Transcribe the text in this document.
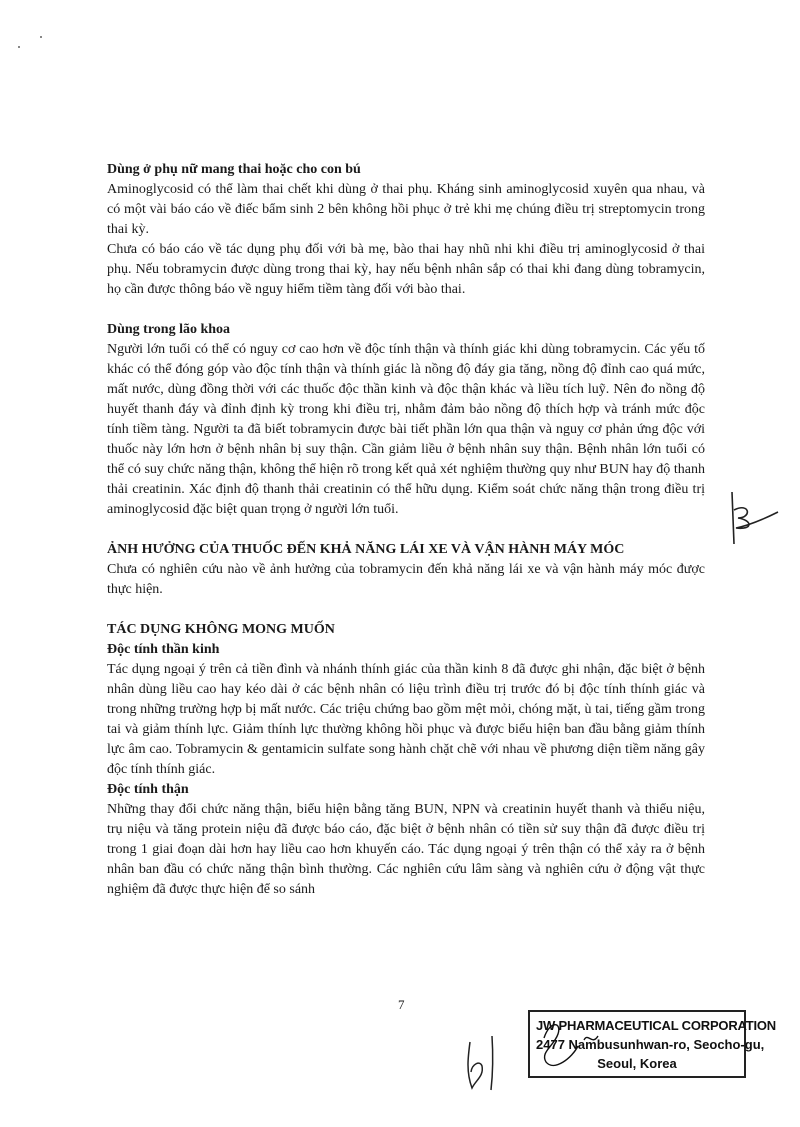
Dùng ở phụ nữ mang thai hoặc cho con bú

Aminoglycosid có thể làm thai chết khi dùng ở thai phụ. Kháng sinh aminoglycosid xuyên qua nhau, và có một vài báo cáo về điếc bẩm sinh 2 bên không hồi phục ở trẻ khi mẹ chúng điều trị streptomycin trong thai kỳ.

Chưa có báo cáo về tác dụng phụ đối với bà mẹ, bào thai hay nhũ nhi khi điều trị aminoglycosid ở thai phụ. Nếu tobramycin được dùng trong thai kỳ, hay nếu bệnh nhân sắp có thai khi đang dùng tobramycin, họ cần được thông báo về nguy hiểm tiềm tàng đối với bào thai.

Dùng trong lão khoa

Người lớn tuổi có thể có nguy cơ cao hơn về độc tính thận và thính giác khi dùng tobramycin. Các yếu tố khác có thể đóng góp vào độc tính thận và thính giác là nồng độ đáy gia tăng, nồng độ đỉnh cao quá mức, mất nước, dùng đồng thời với các thuốc độc thần kinh và độc thận khác và liều tích luỹ. Nên đo nồng độ huyết thanh đáy và đỉnh định kỳ trong khi điều trị, nhằm đảm bảo nồng độ thích hợp và tránh mức độc tính tiềm tàng. Người ta đã biết tobramycin được bài tiết phần lớn qua thận và nguy cơ phản ứng độc với thuốc này lớn hơn ở bệnh nhân bị suy thận. Cần giảm liều ở bệnh nhân suy thận. Bệnh nhân lớn tuổi có thể có suy chức năng thận, không thể hiện rõ trong kết quả xét nghiệm thường quy như BUN hay độ thanh thải creatinin. Xác định độ thanh thải creatinin có thể hữu dụng. Kiểm soát chức năng thận trong điều trị aminoglycosid đặc biệt quan trọng ở người lớn tuổi.

ẢNH HƯỞNG CỦA THUỐC ĐẾN KHẢ NĂNG LÁI XE VÀ VẬN HÀNH MÁY MÓC

Chưa có nghiên cứu nào về ảnh hưởng của tobramycin đến khả năng lái xe và vận hành máy móc được thực hiện.

TÁC DỤNG KHÔNG MONG MUỐN

Độc tính thần kinh

Tác dụng ngoại ý trên cả tiền đình và nhánh thính giác của thần kinh 8 đã được ghi nhận, đặc biệt ở bệnh nhân dùng liều cao hay kéo dài ở các bệnh nhân có liệu trình điều trị trước đó bị độc tính thính giác và trong những trường hợp bị mất nước. Các triệu chứng bao gồm mệt mỏi, chóng mặt, ù tai, tiếng gầm trong tai và giảm thính lực. Giảm thính lực thường không hồi phục và được biểu hiện ban đầu bằng giảm thính lực âm cao. Tobramycin & gentamicin sulfate song hành chặt chẽ với nhau về phương diện tiềm năng gây độc tính thính giác.

Độc tính thận

Những thay đổi chức năng thận, biểu hiện bằng tăng BUN, NPN và creatinin huyết thanh và thiểu niệu, trụ niệu và tăng protein niệu đã được báo cáo, đặc biệt ở bệnh nhân có tiền sử suy thận đã được điều trị trong 1 giai đoạn dài hơn hay liều cao hơn khuyến cáo. Tác dụng ngoại ý trên thận có thể xảy ra ở bệnh nhân ban đầu có chức năng thận bình thường. Các nghiên cứu lâm sàng và nghiên cứu ở động vật thực nghiệm đã được thực hiện để so sánh

7
JW PHARMACEUTICAL CORPORATION
2477 Nambusunhwan-ro, Seocho-gu,
Seoul, Korea
